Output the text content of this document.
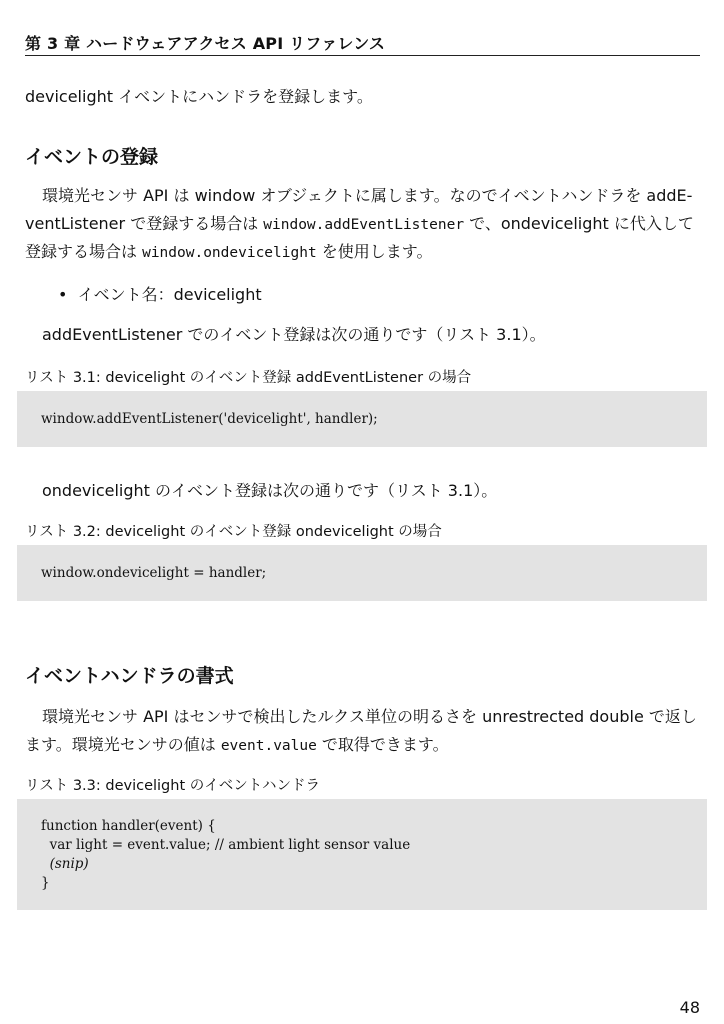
第 3 章 ハードウェアアクセス API リファレンス

devicelight イベントにハンドラを登録します。

イベントの登録

環境光センサ API は window オブジェクトに属します。なのでイベントハンドラを addE-

ventListener で登録する場合は window.addEventListener で、ondevicelight に代入して

登録する場合は window.ondevicelight を使用します。

• イベント名：devicelight

addEventListener でのイベント登録は次の通りです（リスト 3.1）。

リスト 3.1: devicelight のイベント登録 addEventListener の場合

window.addEventListener('devicelight', handler);

ondevicelight のイベント登録は次の通りです（リスト 3.1）。

リスト 3.2: devicelight のイベント登録 ondevicelight の場合

window.ondevicelight = handler;
イベントハンドラの書式

環境光センサ API はセンサで検出したルクス単位の明るさを unrestrected double で返し

ます。環境光センサの値は event.value で取得できます。

リスト 3.3: devicelight のイベントハンドラ

function handler(event) {
var light = event.value; // ambient light sensor value
(snip)
}
48
